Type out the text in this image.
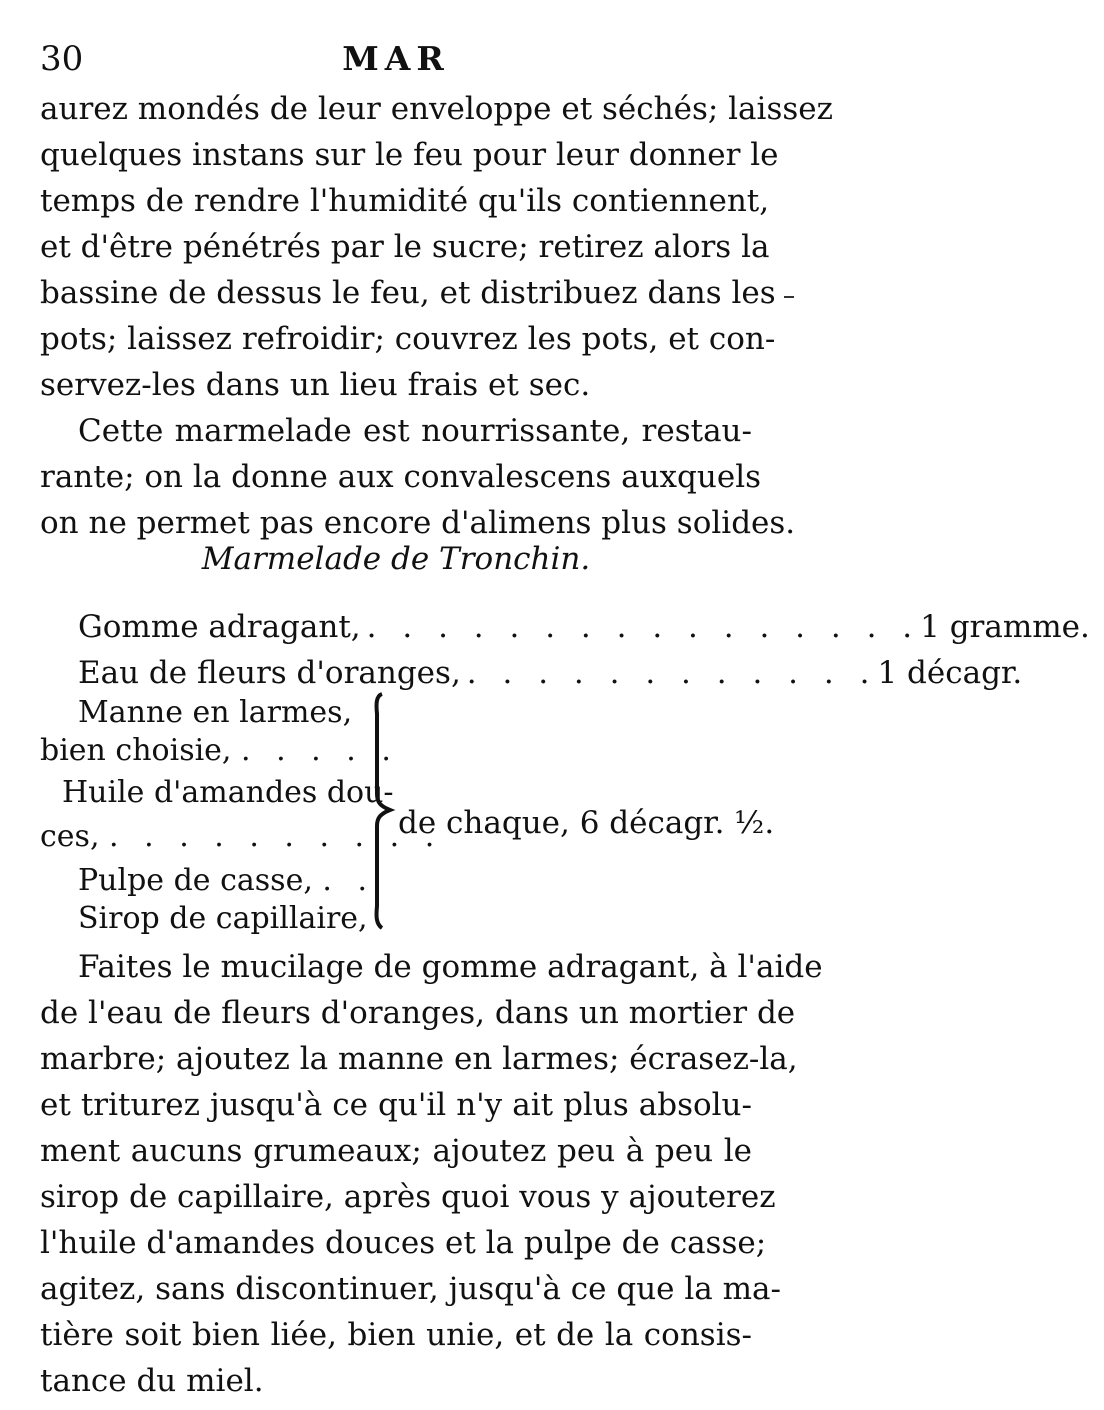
30	MAR
aurez mondés de leur enveloppe et séchés; laissez
quelques instans sur le feu pour leur donner le
temps de rendre l'humidité qu'ils contiennent,
et d'être pénétrés par le sucre; retirez alors la
bassine de dessus le feu, et distribuez dans les
pots; laissez refroidir; couvrez les pots, et con-
servez-les dans un lieu frais et sec.
Cette marmelade est nourrissante, restau-
rante; on la donne aux convalescens auxquels
on ne permet pas encore d'alimens plus solides.
Marmelade de Tronchin.
Gomme adragant, . . . . . . . . . . . . . . . . 1 gramme.
Eau de fleurs d'oranges, . . . . . . . . . . . . 1 décagr.
Manne en larmes,
bien choisie, . . . . .
Huile d'amandes dou-
ces, . . . . . . . . . .
Pulpe de casse, . .
Sirop de capillaire,
de chaque, 6 décagr. ½.
Faites le mucilage de gomme adragant, à l'aide
de l'eau de fleurs d'oranges, dans un mortier de
marbre; ajoutez la manne en larmes; écrasez-la,
et triturez jusqu'à ce qu'il n'y ait plus absolu-
ment aucuns grumeaux; ajoutez peu à peu le
sirop de capillaire, après quoi vous y ajouterez
l'huile d'amandes douces et la pulpe de casse;
agitez, sans discontinuer, jusqu'à ce que la ma-
tière soit bien liée, bien unie, et de la consis-
tance du miel.
